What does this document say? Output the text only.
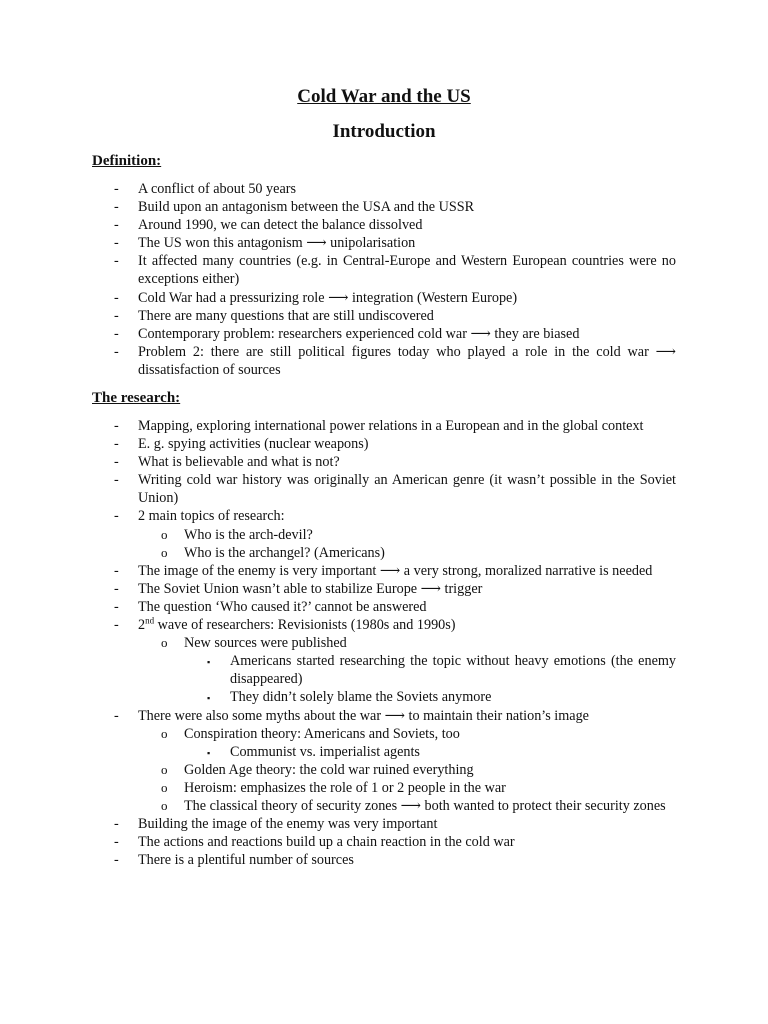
Cold War and the US
Introduction
Definition:
- A conflict of about 50 years
- Build upon an antagonism between the USA and the USSR
- Around 1990, we can detect the balance dissolved
- The US won this antagonism ⟶ unipolarisation
- It affected many countries (e.g. in Central-Europe and Western European countries were no exceptions either)
- Cold War had a pressurizing role ⟶ integration (Western Europe)
- There are many questions that are still undiscovered
- Contemporary problem: researchers experienced cold war ⟶ they are biased
- Problem 2: there are still political figures today who played a role in the cold war ⟶ dissatisfaction of sources
The research:
- Mapping, exploring international power relations in a European and in the global context
- E. g. spying activities (nuclear weapons)
- What is believable and what is not?
- Writing cold war history was originally an American genre (it wasn’t possible in the Soviet Union)
- 2 main topics of research:
o Who is the arch-devil?
o Who is the archangel? (Americans)
- The image of the enemy is very important ⟶ a very strong, moralized narrative is needed
- The Soviet Union wasn’t able to stabilize Europe ⟶ trigger
- The question ‘Who caused it?’ cannot be answered
- 2nd wave of researchers: Revisionists (1980s and 1990s)
o New sources were published
▪ Americans started researching the topic without heavy emotions (the enemy disappeared)
▪ They didn’t solely blame the Soviets anymore
- There were also some myths about the war ⟶ to maintain their nation’s image
o Conspiration theory: Americans and Soviets, too
▪ Communist vs. imperialist agents
o Golden Age theory: the cold war ruined everything
o Heroism: emphasizes the role of 1 or 2 people in the war
o The classical theory of security zones ⟶ both wanted to protect their security zones
- Building the image of the enemy was very important
- The actions and reactions build up a chain reaction in the cold war
- There is a plentiful number of sources
